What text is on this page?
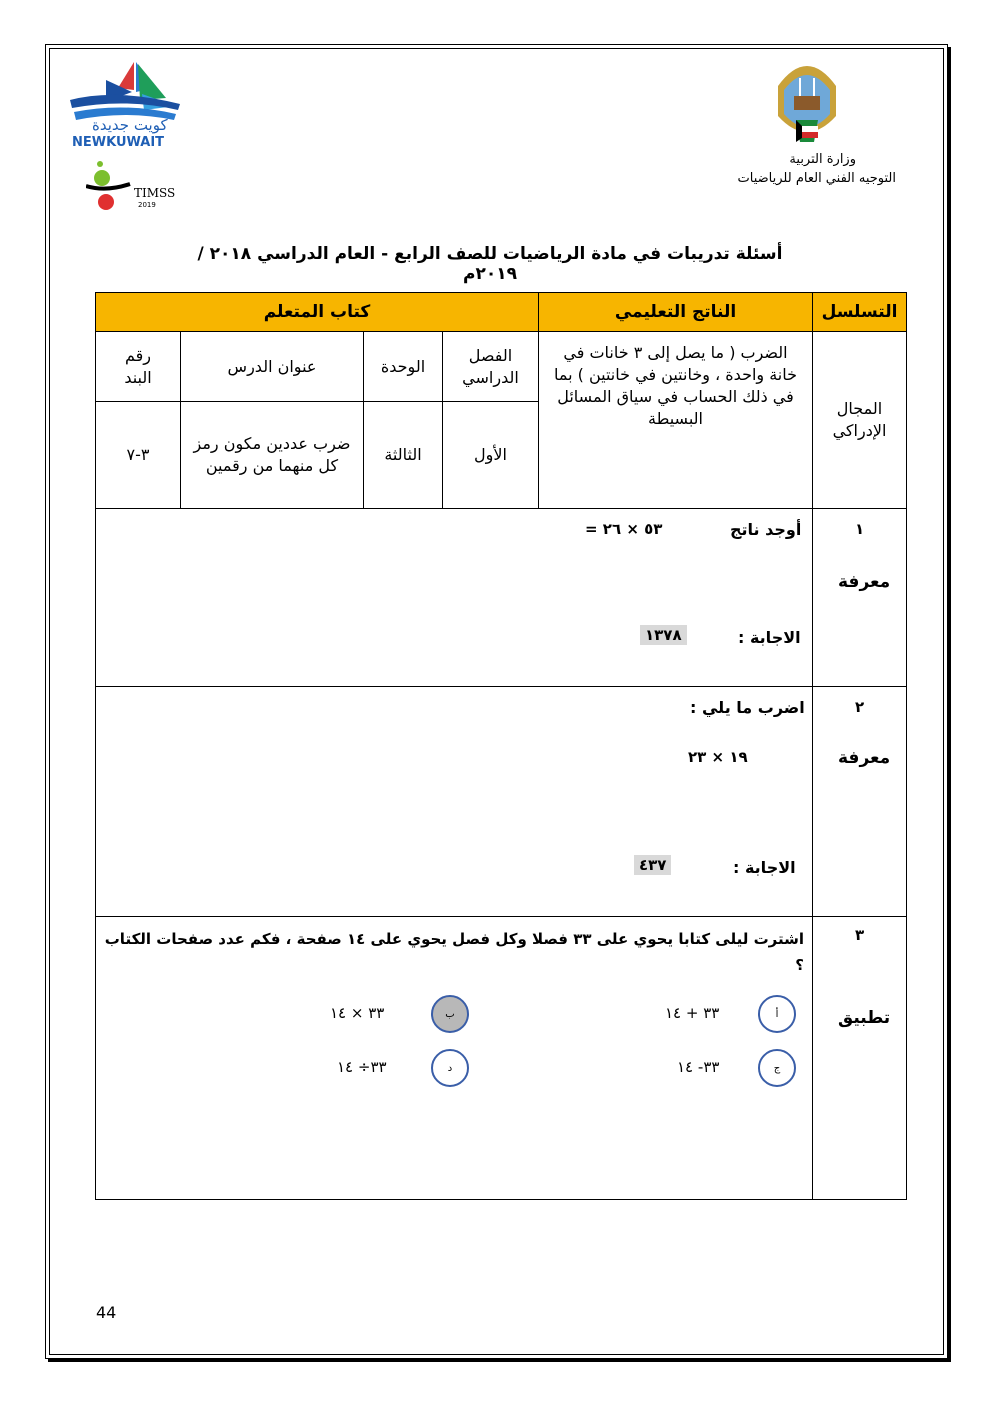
كويت جديدة
NEWKUWAIT
TIMSS
2019
وزارة التربية
التوجيه الفني العام للرياضيات
أسئلة تدريبات في مادة الرياضيات للصف الرابع - العام الدراسي ٢٠١٨ / ٢٠١٩م
التسلسل
الناتج التعليمي
كتاب المتعلم
المجال الإدراكي
الضرب ( ما يصل إلى ٣ خانات في خانة واحدة ، وخانتين في خانتين ) بما في ذلك الحساب في سياق المسائل البسيطة
الفصل الدراسي
الوحدة
عنوان الدرس
رقم البند
الأول
الثالثة
ضرب عددين مكون رمز كل منهما من رقمين
٣-٧
١
معرفة
أوجد ناتج
٥٣ × ٢٦ =
الاجابة :
١٣٧٨
٢
معرفة
اضرب ما يلي :
١٩ × ٢٣
الاجابة :
٤٣٧
٣
تطبيق
اشترت ليلى كتابا يحوي على ٣٣ فصلا وكل فصل يحوي على ١٤ صفحة ، فكم عدد صفحات الكتاب ؟
أ
٣٣ + ١٤
ب
٣٣ × ١٤
ج
٣٣- ١٤
د
٣٣÷ ١٤
44
